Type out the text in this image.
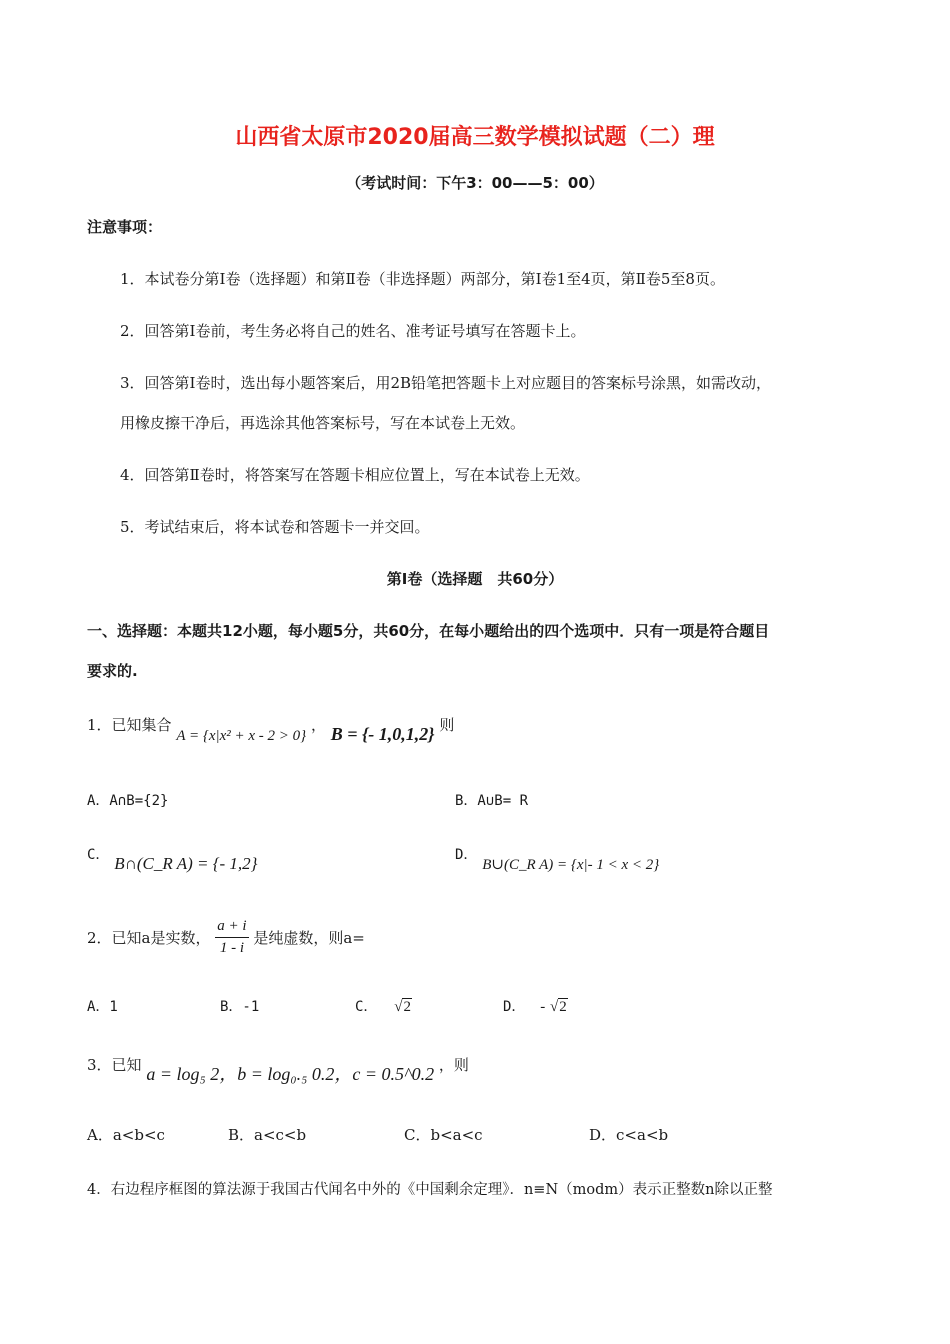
山西省太原市2020届高三数学模拟试题（二）理
（考试时间：下午3：00——5：00）
注意事项：
1．本试卷分第Ⅰ卷（选择题）和第Ⅱ卷（非选择题）两部分，第Ⅰ卷1至4页，第Ⅱ卷5至8页。
2．回答第Ⅰ卷前，考生务必将自己的姓名、准考证号填写在答题卡上。
3．回答第Ⅰ卷时，选出每小题答案后，用2B铅笔把答题卡上对应题目的答案标号涂黑，如需改动，
用橡皮擦干净后，再选涂其他答案标号，写在本试卷上无效。
4．回答第Ⅱ卷时，将答案写在答题卡相应位置上，写在本试卷上无效。
5．考试结束后，将本试卷和答题卡一并交回。
第Ⅰ卷（选择题　共60分）
一、选择题：本题共12小题，每小题5分，共60分，在每小题给出的四个选项中．只有一项是符合题目
要求的.
1．已知集合 A = {x|x² + x - 2 > 0} ， B = {- 1,0,1,2} 则
A．A∩B={2}	B．A∪B= R
C． B∩(C_R A) = {- 1,2}	D． B∪(C_R A) = {x|- 1 < x < 2}
2．已知a是实数， $\frac{a + i}{1 - i}$ 是纯虚数，则a=
A．1	B．-1	C． √2	D． - √2
3．已知 a = log₅ 2，b = log₀.₅ 0.2，c = 0.5^0.2 ，则
A．a<b<c	B．a<c<b	C．b<a<c	D．c<a<b
4．右边程序框图的算法源于我国古代闻名中外的《中国剩余定理》．n≡N（modm）表示正整数n除以正整
